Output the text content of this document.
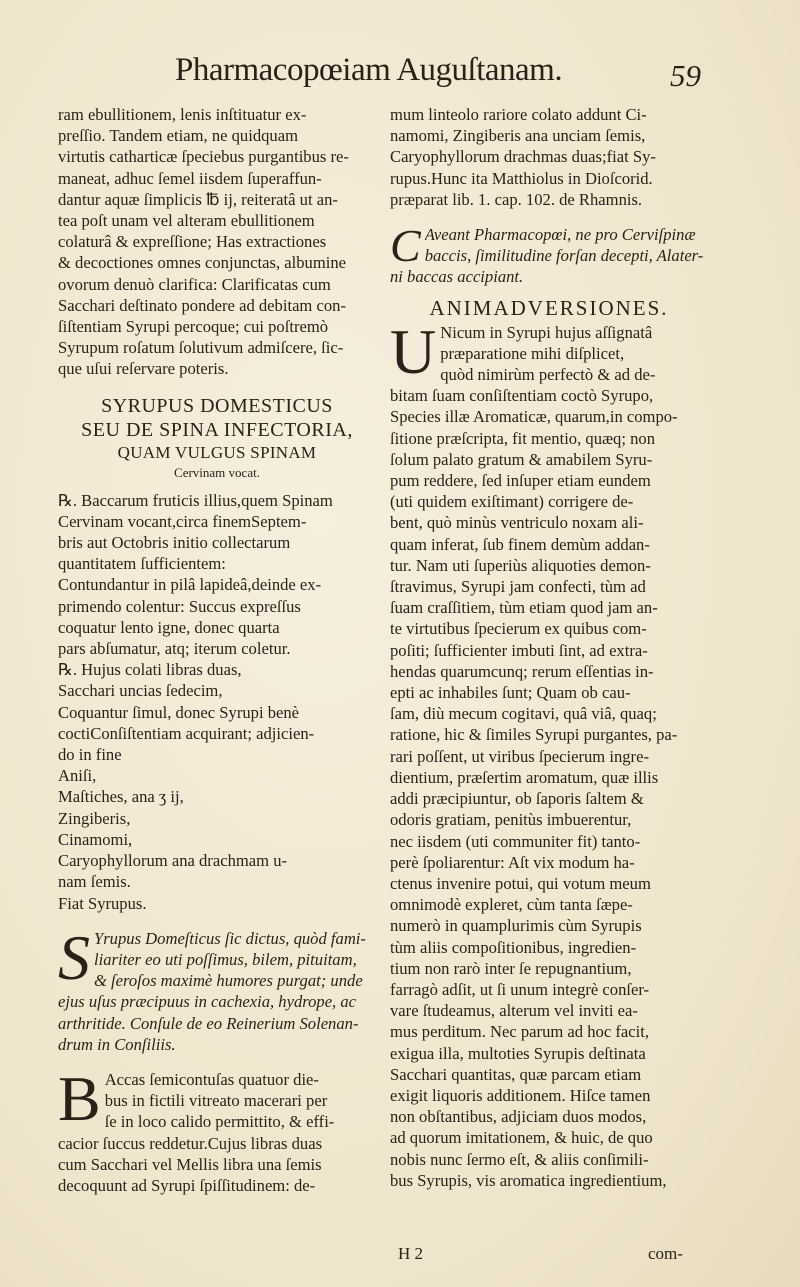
Pharmacopœiam Auguſtanam.	59
ram ebullitionem, lenis inſtituatur ex-
preſſio. Tandem etiam, ne quidquam
virtutis catharticæ ſpeciebus purgantibus re-
maneat, adhuc ſemel iisdem ſuperaffun-
dantur aquæ ſimplicis ℔ ij, reiteratâ ut an-
tea poſt unam vel alteram ebullitionem
colaturâ & expreſſione; Has extractiones
& decoctiones omnes conjunctas, albumine
ovorum denuò clarifica: Clarificatas cum
Sacchari deſtinato pondere ad debitam con-
ſiſtentiam Syrupi percoque; cui poſtremò
Syrupum roſatum ſolutivum admiſcere, ſic-
que uſui reſervare poteris.
SYRUPUS DOMESTICUS
SEU DE SPINA INFECTORIA,
QUAM VULGUS SPINAM
Cervinam vocat.
℞. Baccarum fruticis illius,quem Spinam
Cervinam vocant,circa finemSeptem-
bris aut Octobris initio collectarum
quantitatem ſufficientem:
Contundantur in pilâ lapideâ,deinde ex-
primendo colentur: Succus expreſſus
coquatur lento igne, donec quarta
pars abſumatur, atq; iterum coletur.
℞. Hujus colati libras duas,
Sacchari uncias ſedecim,
Coquantur ſimul, donec Syrupi benè
coctiConſiſtentiam acquirant; adjicien-
do in fine
Aniſi,
Maſtiches, ana ʒ ij,
Zingiberis,
Cinamomi,
Caryophyllorum ana drachmam u-
nam ſemis.
Fiat Syrupus.
S Yrupus Domeſticus ſic dictus, quòd fami-
liariter eo uti poſſimus, bilem, pituitam,
& ſeroſos maximè humores purgat; unde
ejus uſus præcipuus in cachexia, hydrope, ac
arthritide. Conſule de eo Reinerium Solenan-
drum in Conſiliis.
B Accas ſemicontuſas quatuor die-
bus in fictili vitreato macerari per
ſe in loco calido permittito, & effi-
cacior ſuccus reddetur.Cujus libras duas
cum Sacchari vel Mellis libra una ſemis
decoquunt ad Syrupi ſpiſſitudinem: de-
mum linteolo rariore colato addunt Ci-
namomi, Zingiberis ana unciam ſemis,
Caryophyllorum drachmas duas;fiat Sy-
rupus.Hunc ita Matthiolus in Dioſcorid.
præparat lib. 1. cap. 102. de Rhamnis.
C Aveant Pharmacopœi, ne pro Cerviſpinæ
baccis, ſimilitudine forſan decepti, Alater-
ni baccas accipiant.
ANIMADVERSIONES.
U Nicum in Syrupi hujus aſſignatâ
præparatione mihi diſplicet,
quòd nimirùm perfectò & ad de-
bitam ſuam conſiſtentiam coctò Syrupo,
Species illæ Aromaticæ, quarum,in compo-
ſitione præſcripta, fit mentio, quæq; non
ſolum palato gratum & amabilem Syru-
pum reddere, ſed inſuper etiam eundem
(uti quidem exiſtimant) corrigere de-
bent, quò minùs ventriculo noxam ali-
quam inferat, ſub finem demùm addan-
tur. Nam uti ſuperiùs aliquoties demon-
ſtravimus, Syrupi jam confecti, tùm ad
ſuam craſſitiem, tùm etiam quod jam an-
te virtutibus ſpecierum ex quibus com-
poſiti; ſufficienter imbuti ſint, ad extra-
hendas quarumcunq; rerum eſſentias in-
epti ac inhabiles ſunt; Quam ob cau-
ſam, diù mecum cogitavi, quâ viâ, quaq;
ratione, hic & ſimiles Syrupi purgantes, pa-
rari poſſent, ut viribus ſpecierum ingre-
dientium, præſertim aromatum, quæ illis
addi præcipiuntur, ob ſaporis ſaltem &
odoris gratiam, penitùs imbuerentur,
nec iisdem (uti communiter fit) tanto-
perè ſpoliarentur: Aſt vix modum ha-
ctenus invenire potui, qui votum meum
omnimodè expleret, cùm tanta ſæpe-
numerò in quamplurimis cùm Syrupis
tùm aliis compoſitionibus, ingredien-
tium non rarò inter ſe repugnantium,
farragò adſit, ut ſi unum integrè conſer-
vare ſtudeamus, alterum vel inviti ea-
mus perditum. Nec parum ad hoc facit,
exigua illa, multoties Syrupis deſtinata
Sacchari quantitas, quæ parcam etiam
exigit liquoris additionem. Hiſce tamen
non obſtantibus, adjiciam duos modos,
ad quorum imitationem, & huic, de quo
nobis nunc ſermo eſt, & aliis conſimili-
bus Syrupis, vis aromatica ingredientium,
H 2	com-
